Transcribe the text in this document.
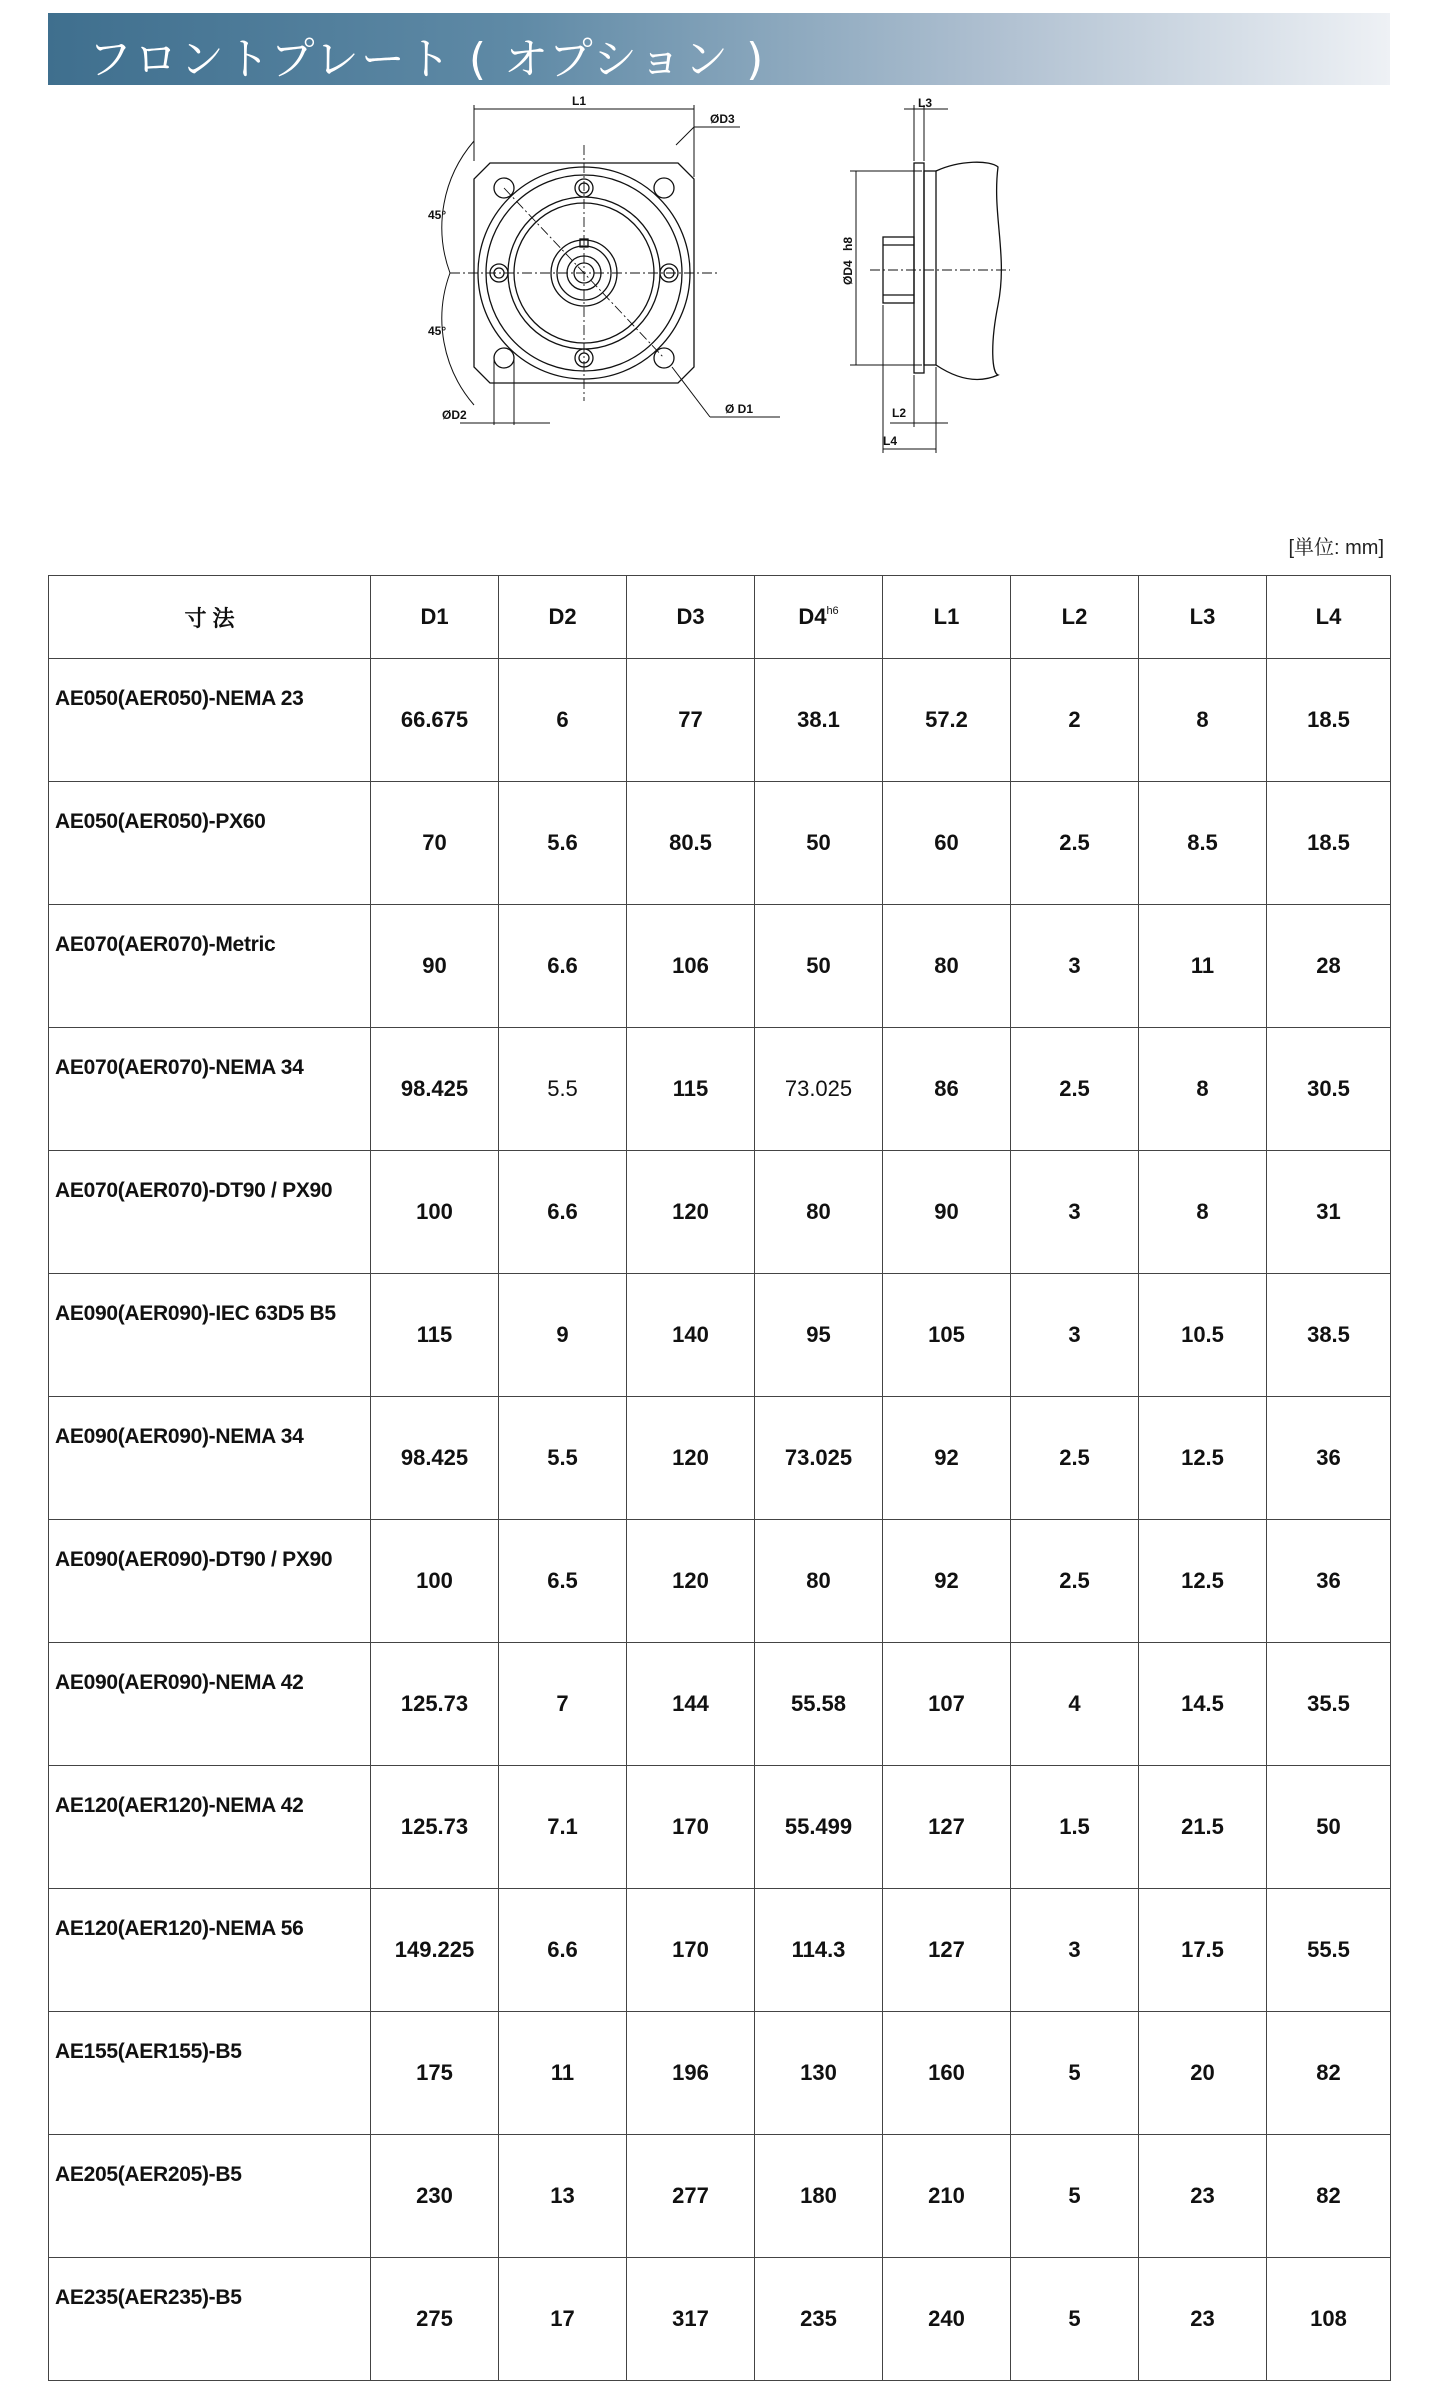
フロントプレート ( オプション )
L1
ØD3
45°
45°
ØD2	Ø D1
L3
ØD4
h8
L2
L4
[単位: mm]
寸 法	D1	D2	D3	$D4^{h6}$	L1	L2	L3	L4
AE050(AER050)-NEMA 23	66.675	6	77	38.1	57.2	2	8	18.5
AE050(AER050)-PX60	70	5.6	80.5	50	60	2.5	8.5	18.5
AE070(AER070)-Metric	90	6.6	106	50	80	3	11	28
AE070(AER070)-NEMA 34	98.425	5.5	115	73.025	86	2.5	8	30.5
AE070(AER070)-DT90 / PX90	100	6.6	120	80	90	3	8	31
AE090(AER090)-IEC 63D5 B5	115	9	140	95	105	3	10.5	38.5
AE090(AER090)-NEMA 34	98.425	5.5	120	73.025	92	2.5	12.5	36
AE090(AER090)-DT90 / PX90	100	6.5	120	80	92	2.5	12.5	36
AE090(AER090)-NEMA 42	125.73	7	144	55.58	107	4	14.5	35.5
AE120(AER120)-NEMA 42	125.73	7.1	170	55.499	127	1.5	21.5	50
AE120(AER120)-NEMA 56	149.225	6.6	170	114.3	127	3	17.5	55.5
AE155(AER155)-B5	175	11	196	130	160	5	20	82
AE205(AER205)-B5	230	13	277	180	210	5	23	82
AE235(AER235)-B5	275	17	317	235	240	5	23	108
